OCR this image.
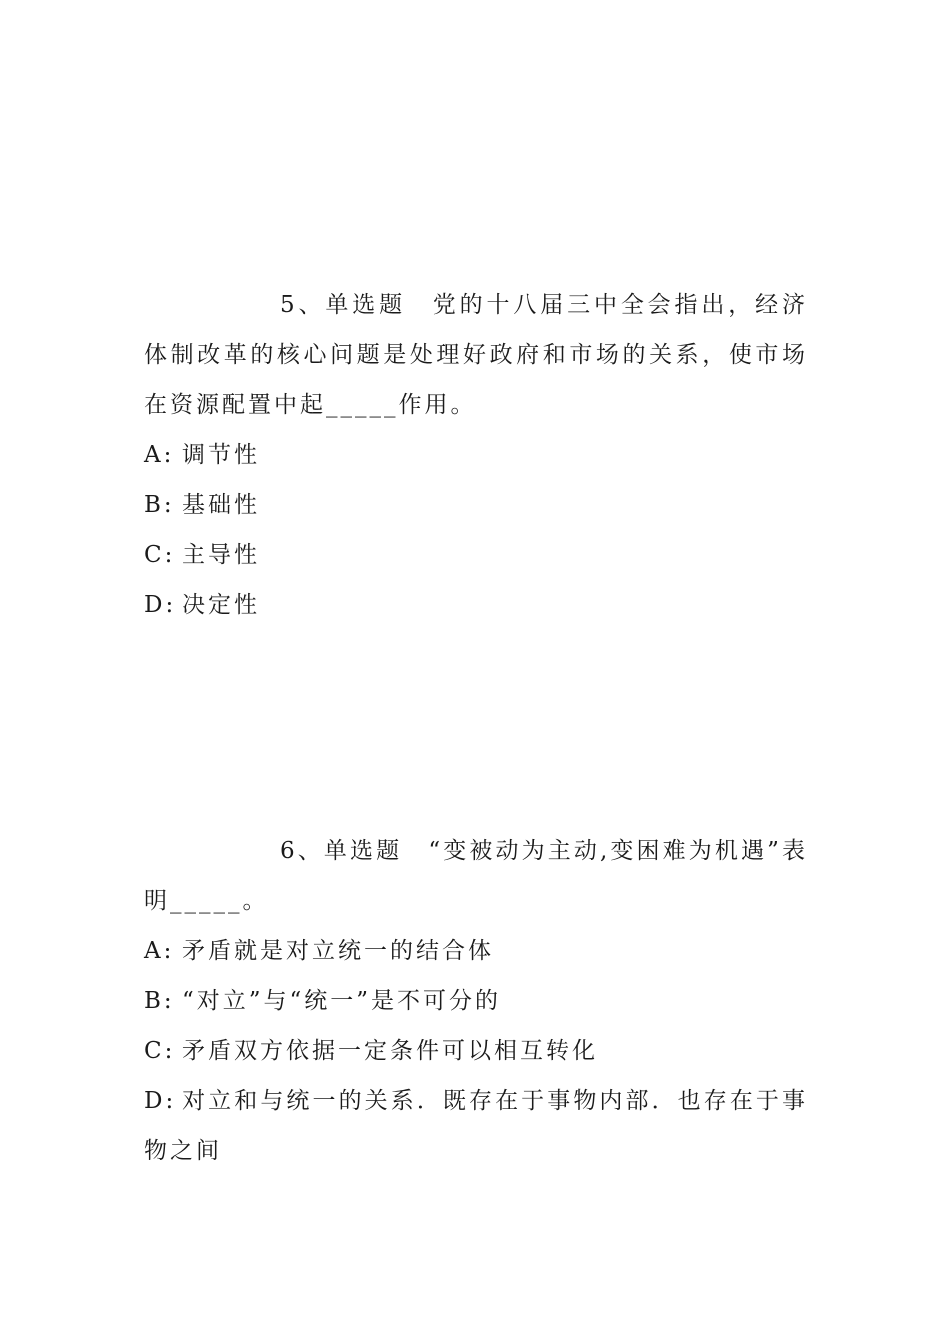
5、单选题　党的十八届三中全会指出，经济体制改革的核心问题是处理好政府和市场的关系，使市场在资源配置中起_____作用。

A: 调节性

B: 基础性

C: 主导性

D: 决定性

6、单选题　“变被动为主动,变困难为机遇”表明_____。

A: 矛盾就是对立统一的结合体

B: “对立”与“统一”是不可分的

C: 矛盾双方依据一定条件可以相互转化

D: 对立和与统一的关系．既存在于事物内部．也存在于事物之间
